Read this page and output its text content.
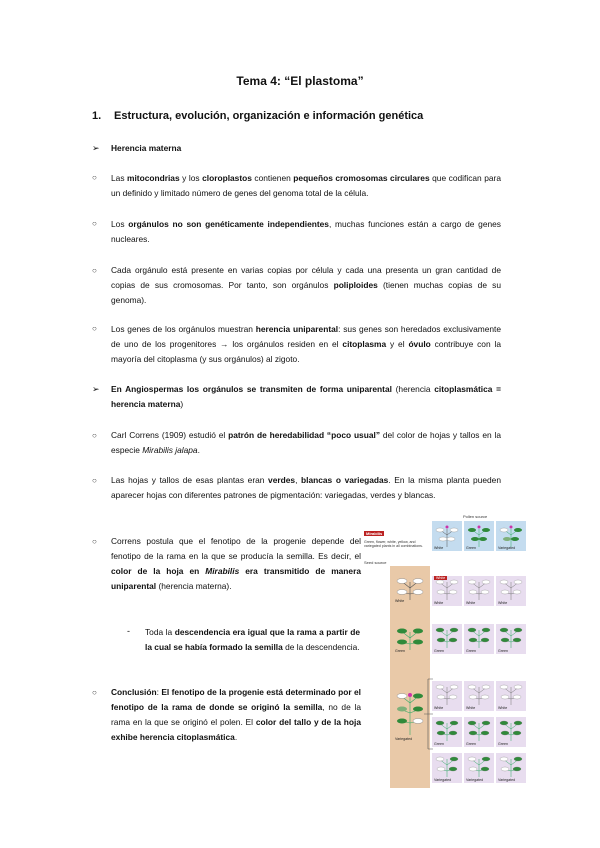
Tema 4: “El plastoma”
1. Estructura, evolución, organización e información genética
➢ Herencia materna
○ Las mitocondrias y los cloroplastos contienen pequeños cromosomas circulares que codifican para un definido y limitado número de genes del genoma total de la célula.
○ Los orgánulos no son genéticamente independientes, muchas funciones están a cargo de genes nucleares.
○ Cada orgánulo está presente en varias copias por célula y cada una presenta un gran cantidad de copias de sus cromosomas. Por tanto, son orgánulos poliploides (tienen muchas copias de su genoma).
○ Los genes de los orgánulos muestran herencia uniparental: sus genes son heredados exclusivamente de uno de los progenitores → los orgánulos residen en el citoplasma y el óvulo contribuye con la mayoría del citoplasma (y sus orgánulos) al zigoto.
➢ En Angiospermas los orgánulos se transmiten de forma uniparental (herencia citoplasmática = herencia materna)
○ Carl Correns (1909) estudió el patrón de heredabilidad “poco usual” del color de hojas y tallos en la especie Mirabilis jalapa.
○ Las hojas y tallos de esas plantas eran verdes, blancas o variegadas. En la misma planta pueden aparecer hojas con diferentes patrones de pigmentación: variegadas, verdes y blancas.
○ Correns postula que el fenotipo de la progenie depende del fenotipo de la rama en la que se producía la semilla. Es decir, el color de la hoja en Mirabilis era transmitido de manera uniparental (herencia materna).
- Toda la descendencia era igual que la rama a partir de la cual se había formado la semilla de la descendencia.
○ Conclusión: El fenotipo de la progenie está determinado por el fenotipo de la rama de donde se originó la semilla, no de la rama en la que se originó el polen. El color del tallo y de la hoja exhibe herencia citoplasmática.
Pollen source
Mirabilis
Green, flower, white, yellow, and variegated plants in all combinations.
Seed source
White
Green
Variegated
White	Green	Variegated
White	White	White
Green	Green	Green
White	White	White
Green	Green	Green
Variegated	Variegated	Variegated
White
